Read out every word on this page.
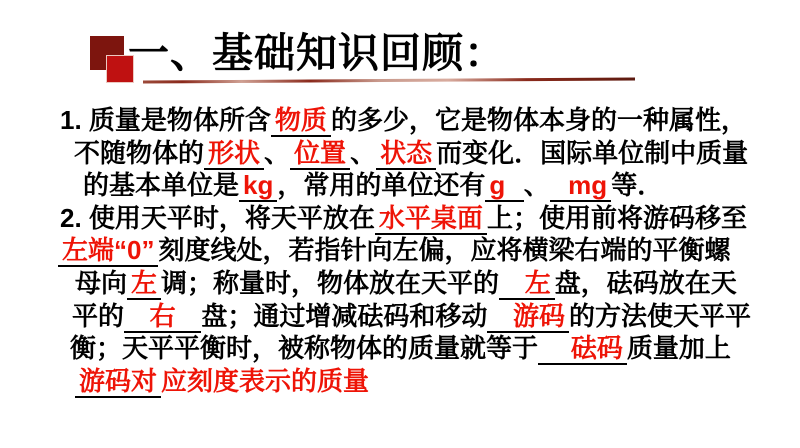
一、基础知识回顾：
1. 质量是物体所含 物质 的多少，它是物体本身的一种属性，
不随物体的 形状 、 位置 、 状态 而变化．国际单位制中质量
的基本单位是 kg ，常用的单位还有 g  、  mg 等．
2. 使用天平时，将天平放在 水平桌面 上；使用前将游码移至
左端“0” 刻度线处，若指针向左偏，应将横梁右端的平衡螺
母向 左 调；称量时，物体放在天平的   左 盘，砝码放在天
平的   右   盘；通过增减砝码和移动   游码 的方法使天平平
衡；天平平衡时，被称物体的质量就等于    砝码 质量加上
游码对 应刻度表示的质量
